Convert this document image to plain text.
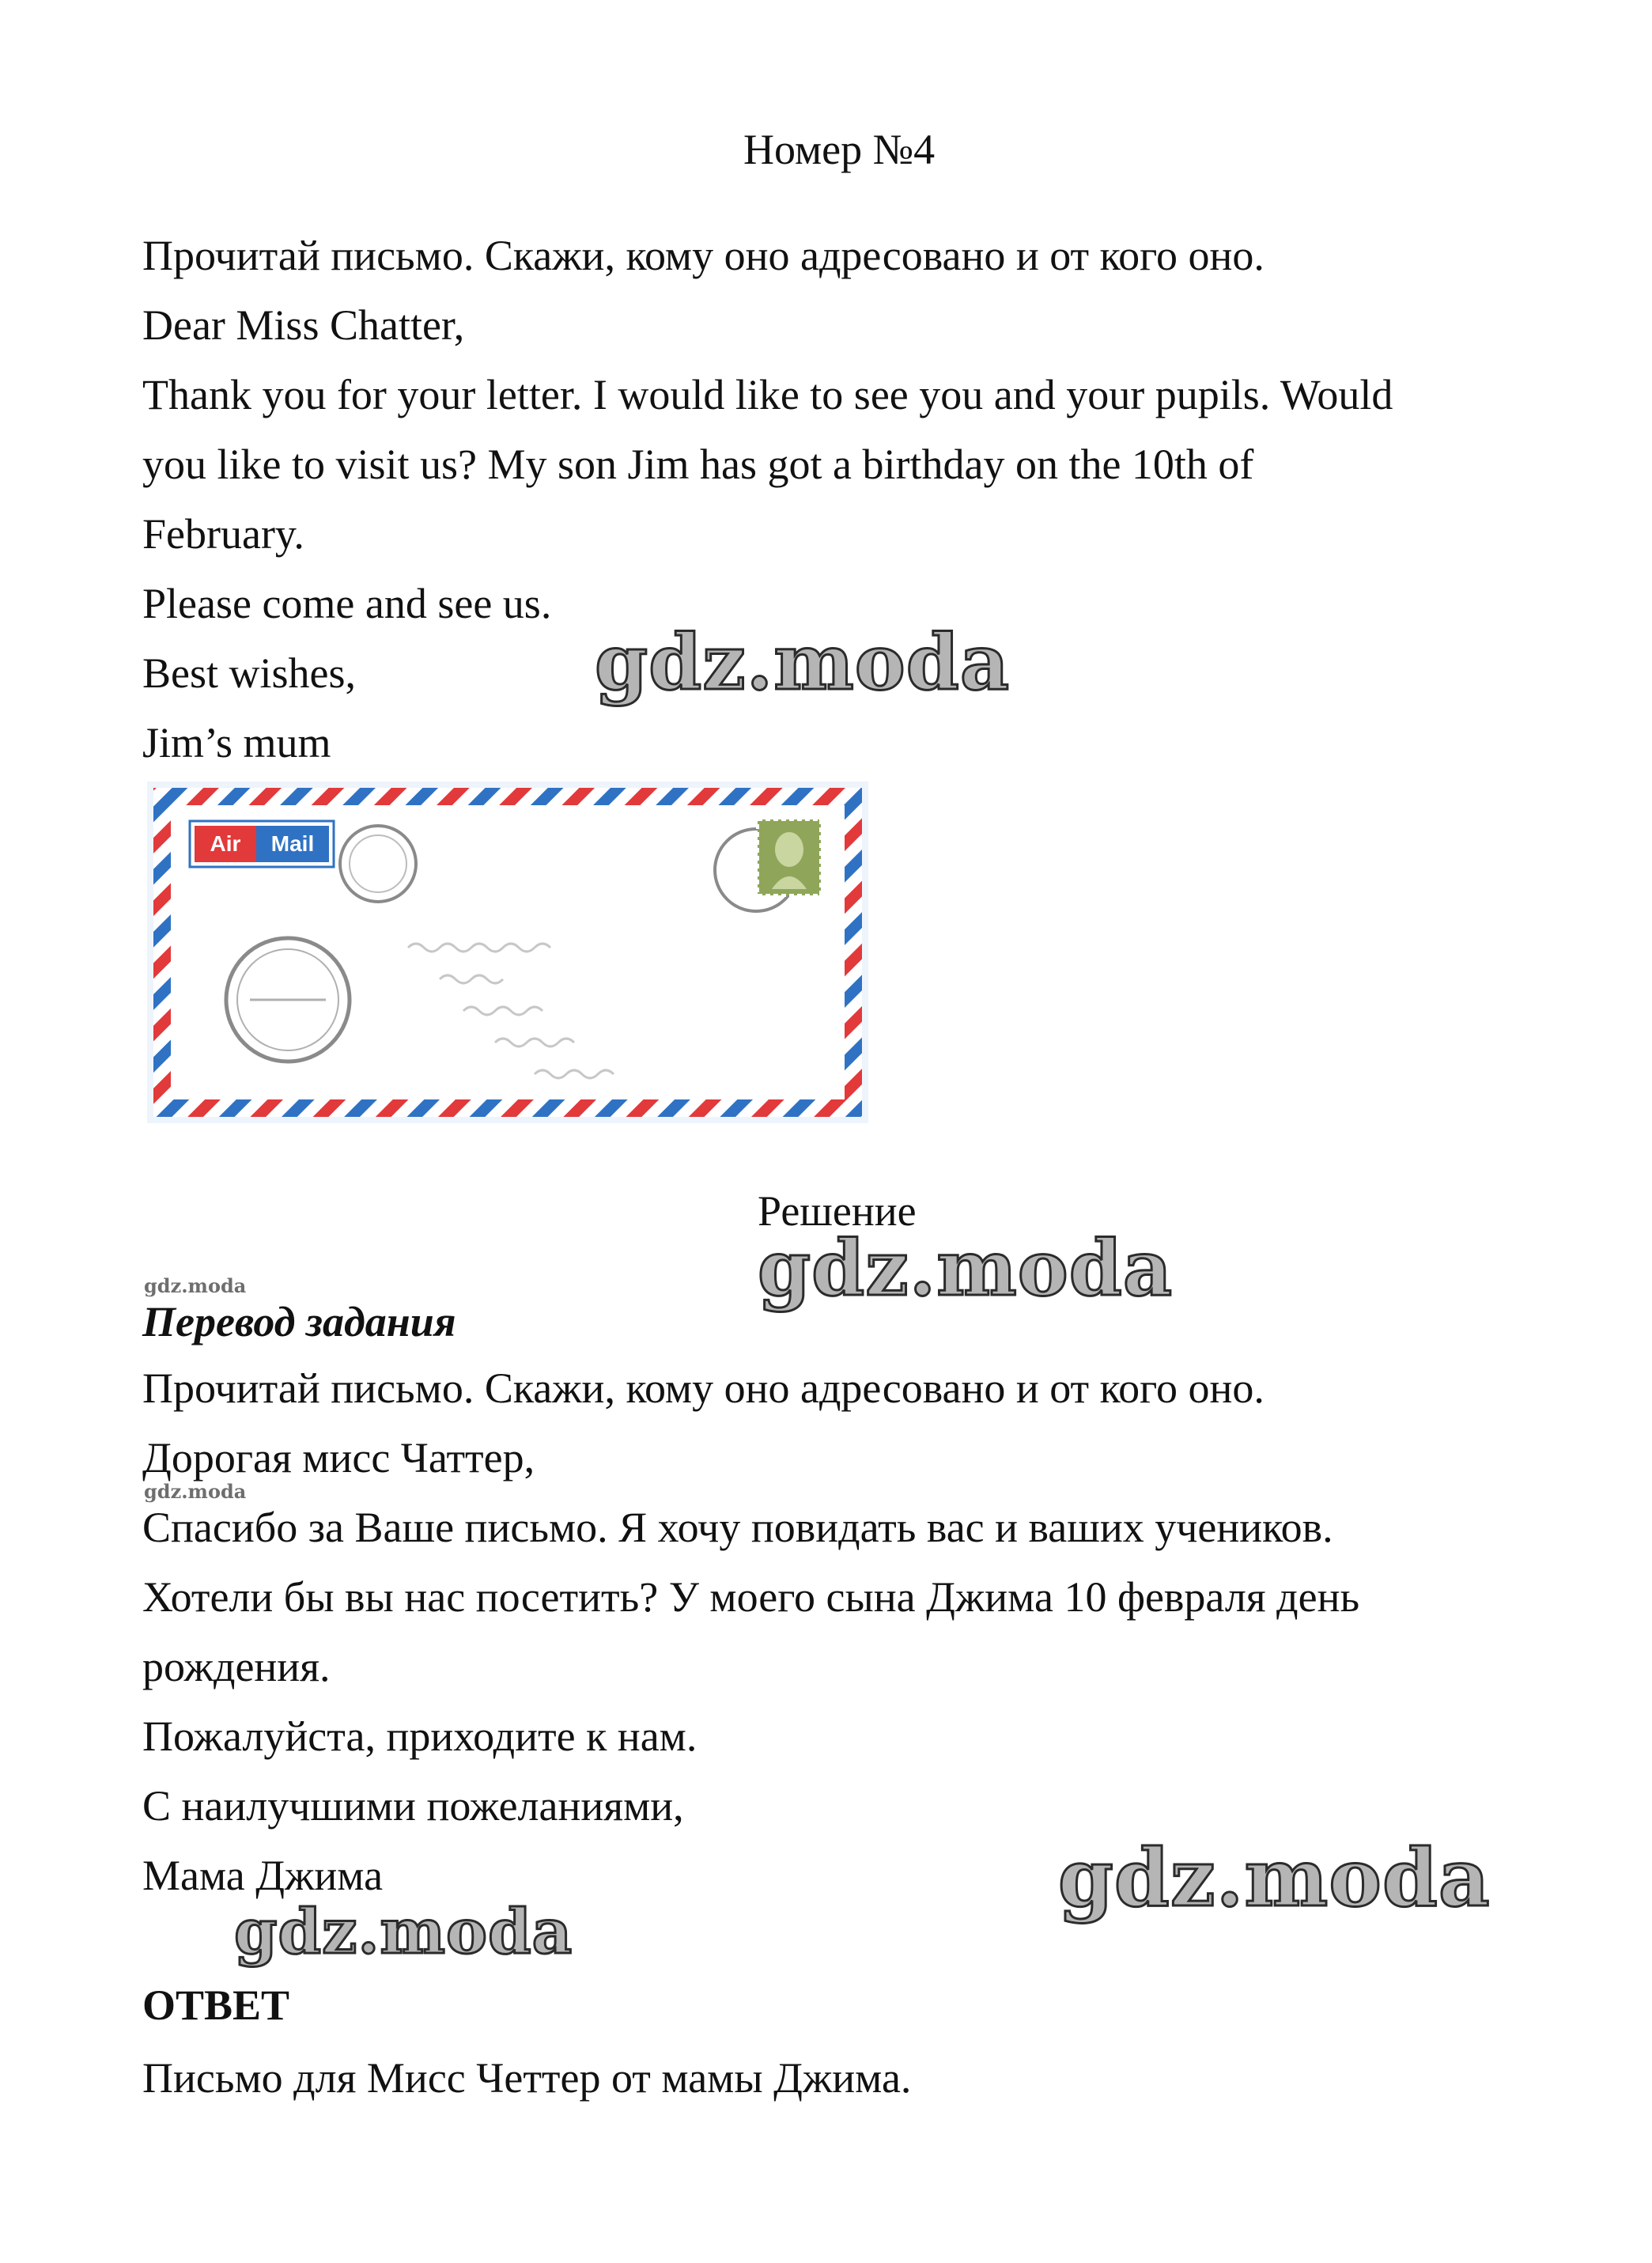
Номер №4
Прочитай письмо. Скажи, кому оно адресовано и от кого оно.
Dear Miss Chatter,
Thank you for your letter. I would like to see you and your pupils. Would
you like to visit us? My son Jim has got a birthday on the 10th of
February.
Please come and see us.
Best wishes,
Jim’s mum
gdz.moda
Air Mail
Решение
gdz.moda
gdz.moda
Перевод задания
Прочитай письмо. Скажи, кому оно адресовано и от кого оно.
Дорогая мисс Чаттер,
gdz.moda
Спасибо за Ваше письмо. Я хочу повидать вас и ваших учеников.
Хотели бы вы нас посетить? У моего сына Джима 10 февраля день
рождения.
Пожалуйста, приходите к нам.
С наилучшими пожеланиями,
Мама Джима	gdz.moda
gdz.moda
ОТВЕТ
Письмо для Мисс Четтер от мамы Джима.
